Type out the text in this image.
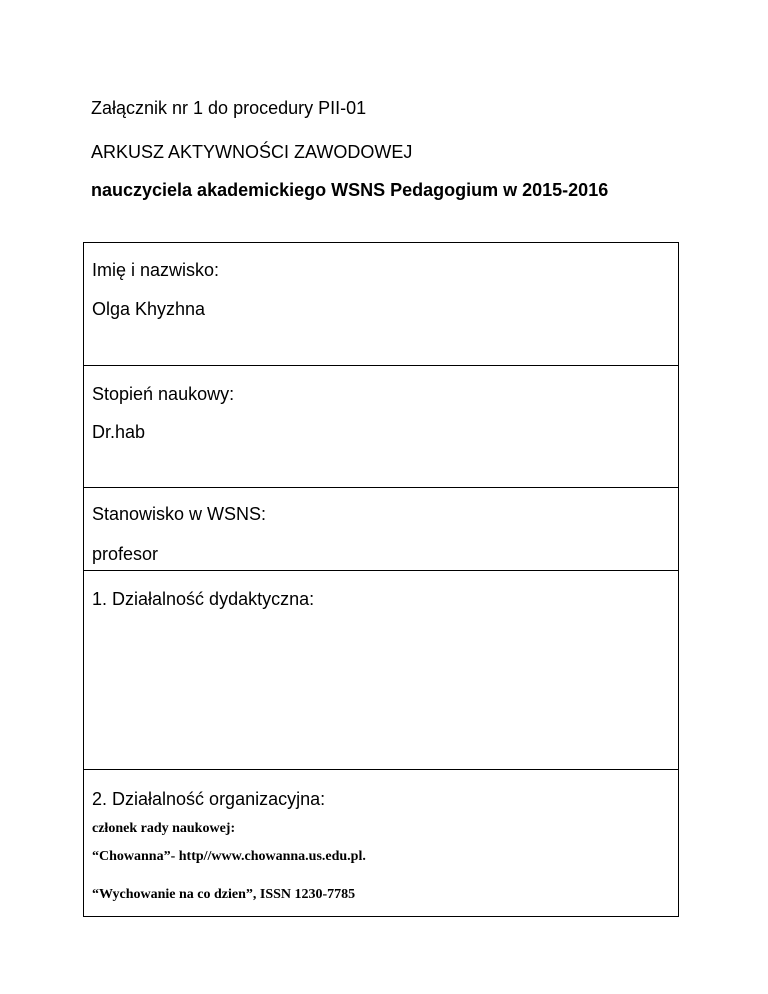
Załącznik nr 1 do procedury PII-01
ARKUSZ AKTYWNOŚCI ZAWODOWEJ
nauczyciela akademickiego WSNS Pedagogium w 2015-2016
Imię i nazwisko:
Olga Khyzhna
Stopień naukowy:
Dr.hab
Stanowisko w WSNS:
profesor
1. Działalność dydaktyczna:
2. Działalność organizacyjna:
członek rady naukowej:
“Chowanna”- http//www.chowanna.us.edu.pl.
“Wychowanie na co dzien”, ISSN 1230-7785
